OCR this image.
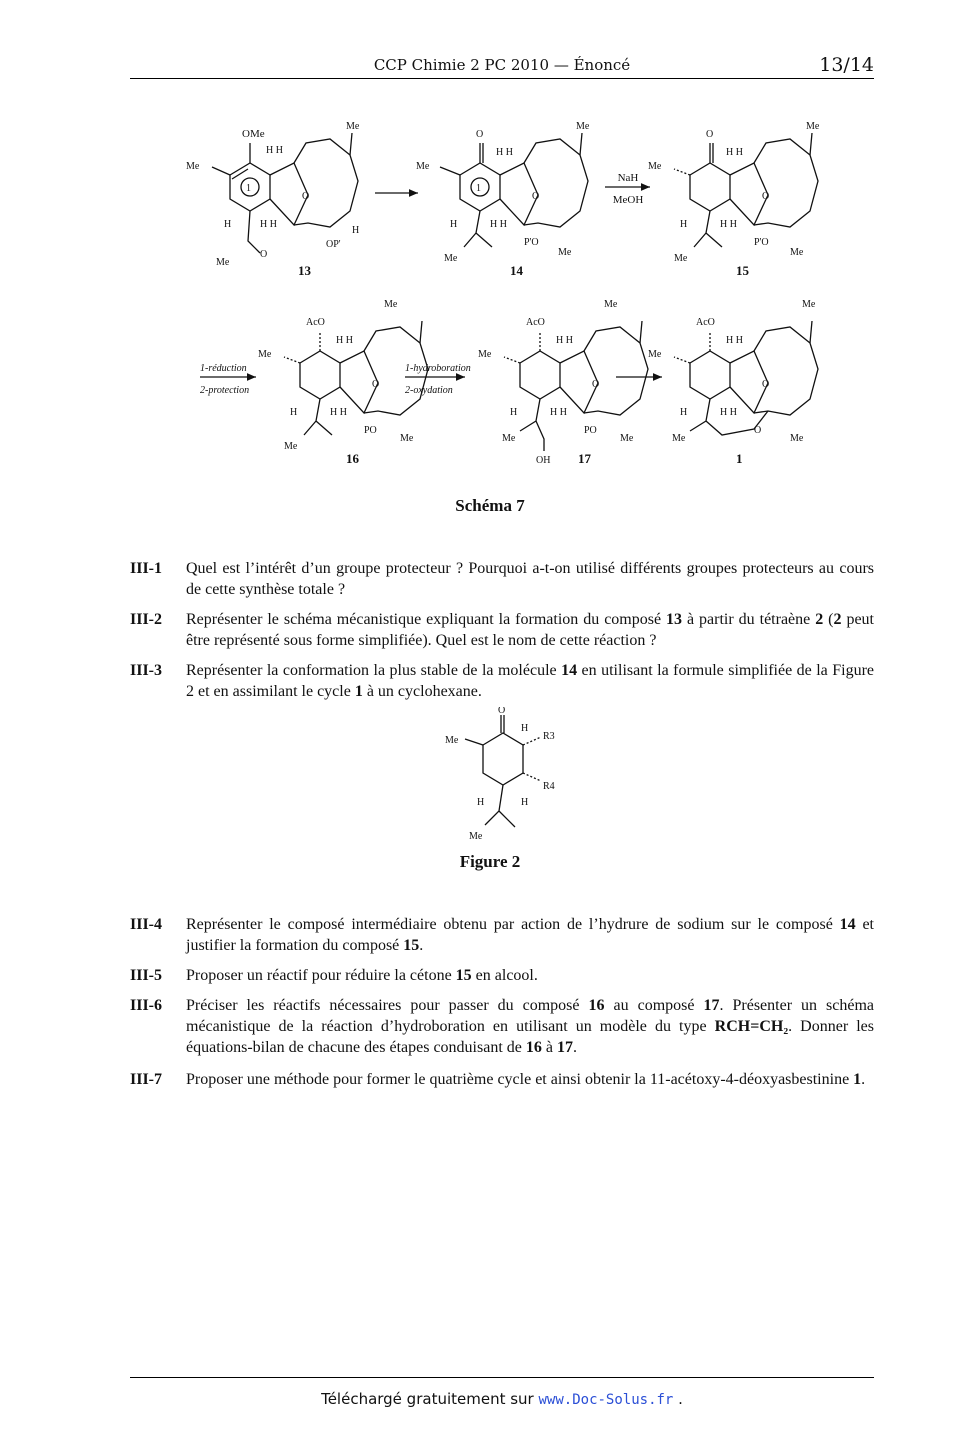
CCP Chimie 2 PC 2010 — Énoncé	13/14
OMe
1
Me
Me
O
O
Me
OP'
H H
H	H H
H
13
O
1
Me
Me
O
Me
P'O
Me
H H
H	H H
14
NaH
MeOH
O
Me
Me
O
Me
P'O
Me
H H
H	H H
15
1-réduction
2-protection
AcO
Me
Me
O
Me
PO
Me
H H
H	H H
16
1-hydroboration
2-oxydation
AcO
Me
Me
O
Me
OH
PO
Me
H H
H	H H
17
AcO
Me
Me
O
Me
O
Me
H H
H	H H
1
Schéma 7
III-1 Quel est l’intérêt d’un groupe protecteur ? Pourquoi a-t-on utilisé différents groupes protecteurs au cours de cette synthèse totale ?
III-2 Représenter le schéma mécanistique expliquant la formation du composé 13 à partir du tétraène 2 (2 peut être représenté sous forme simplifiée). Quel est le nom de cette réaction ?
III-3 Représenter la conformation la plus stable de la molécule 14 en utilisant la formule simplifiée de la Figure 2 et en assimilant le cycle 1 à un cyclohexane.
O
H
Me	R3
R4
H	H
Me
Figure 2
III-4 Représenter le composé intermédiaire obtenu par action de l’hydrure de sodium sur le composé 14 et justifier la formation du composé 15.
III-5 Proposer un réactif pour réduire la cétone 15 en alcool.
III-6 Préciser les réactifs nécessaires pour passer du composé 16 au composé 17. Présenter un schéma mécanistique de la réaction d’hydroboration en utilisant un modèle du type RCH=CH₂. Donner les équations-bilan de chacune des étapes conduisant de 16 à 17.
III-7 Proposer une méthode pour former le quatrième cycle et ainsi obtenir la 11-acétoxy-4-déoxyasbestinine 1.
Téléchargé gratuitement sur www.Doc-Solus.fr .
